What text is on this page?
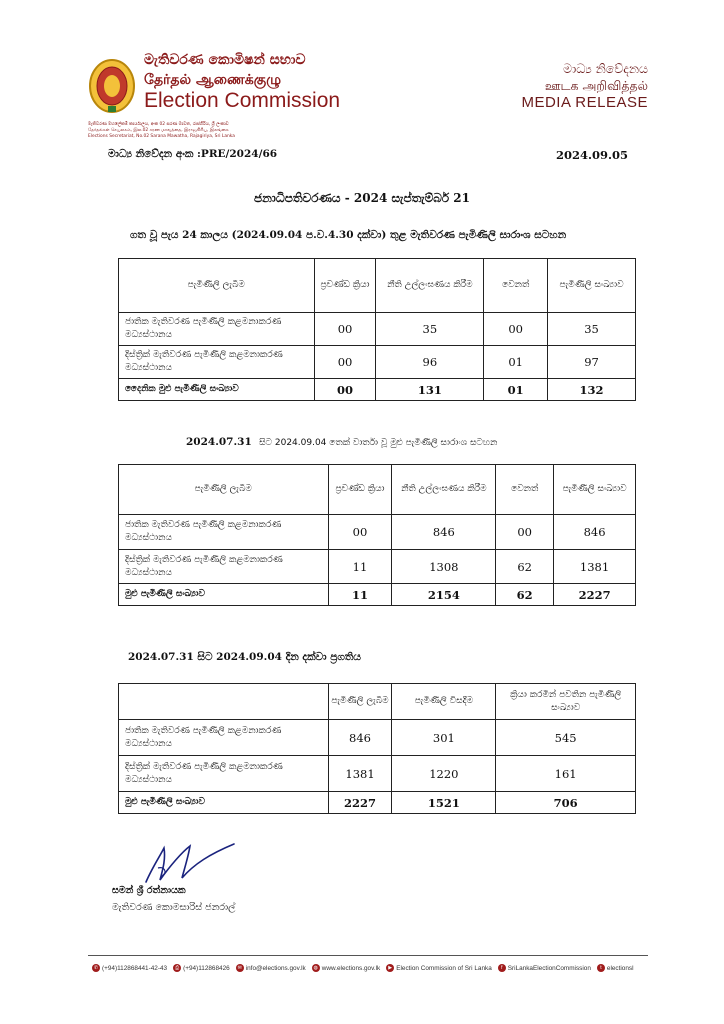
මැතිවරණ කොමිෂන් සභාව
தேர்தல் ஆணைக்குழு
Election Commission
මැතිවරණ මහලේකම් කාර්යාලය, අංක 02 සරණ මාවත, රාජගිරිය, ශ්‍රී ලංකාව
தேர்தல்கள் செயலகம், இல.02 சரண மாவத்தை, இராஜகிரிய, இலங்கை
Elections Secretariat, No.02 Sarana Mawatha, Rajagiriya, Sri Lanka
මාධ්‍ය නිවේදනය
ஊடக அறிவித்தல்
MEDIA RELEASE
මාධ්‍ය නිවේදන අංක :PRE/2024/66	2024.09.05
ජනාධිපතිවරණය - 2024 සැප්තැම්බර් 21
ගත වූ පැය 24 කාලය (2024.09.04 ප.ව.4.30 දක්වා) තුළ මැතිවරණ පැමිණිලි සාරාංශ සටහන
පැමිණිලි ලැබීම	ප්‍රචණ්ඩ ක්‍රියා	නීති උල්ලංඝණය කිරීම	වෙනත්	පැමිණිලි සංඛ්‍යාව
ජාතික මැතිවරණ පැමිණිලි කළමනාකරණ මධ්‍යස්ථානය	00	35	00	35
දිස්ත්‍රික් මැතිවරණ පැමිණිලි කළමනාකරණ මධ්‍යස්ථානය	00	96	01	97
දෛනික මුළු පැමිණිලි සංඛ්‍යාව	00	131	01	132
2024.07.31 සිට 2024.09.04 තෙක් වාර්තා වූ මුළු පැමිණිලි සාරාංශ සටහන
පැමිණිලි ලැබීම	ප්‍රචණ්ඩ ක්‍රියා	නීති උල්ලංඝණය කිරීම	වෙනත්	පැමිණිලි සංඛ්‍යාව
ජාතික මැතිවරණ පැමිණිලි කළමනාකරණ මධ්‍යස්ථානය	00	846	00	846
දිස්ත්‍රික් මැතිවරණ පැමිණිලි කළමනාකරණ මධ්‍යස්ථානය	11	1308	62	1381
මුළු පැමිණිලි සංඛ්‍යාව	11	2154	62	2227
2024.07.31 සිට 2024.09.04 දින දක්වා ප්‍රගතිය
	පැමිණිලි ලැබීම	පැමිණිලි විසදීම	ක්‍රියා කරමින් පවතින පැමිණිලි සංඛ්‍යාව
ජාතික මැතිවරණ පැමිණිලි කළමනාකරණ මධ්‍යස්ථානය	846	301	545
දිස්ත්‍රික් මැතිවරණ පැමිණිලි කළමනාකරණ මධ්‍යස්ථානය	1381	1220	161
මුළු පැමිණිලි සංඛ්‍යාව	2227	1521	706
සමන් ශ්‍රී රත්නායක
මැතිවරණ කොමසාරිස් ජනරාල්
✆ (+94)112868441-42-43	⎙ (+94)112868426	✉ info@elections.gov.lk	◍ www.elections.gov.lk	▶ Election Commission of Sri Lanka	f SriLankaElectionCommission	t electionsl
